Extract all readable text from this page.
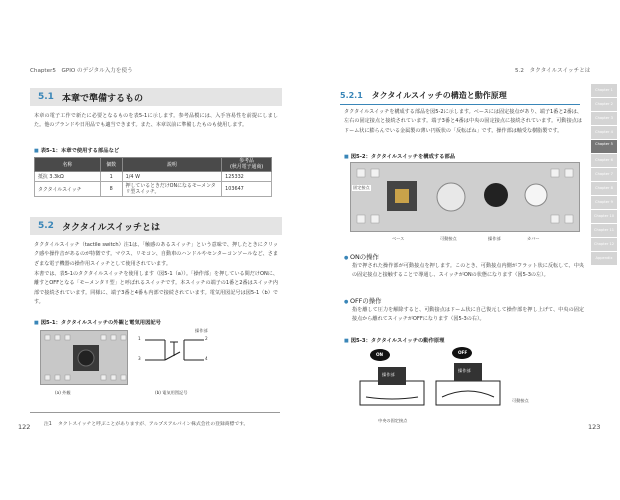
Chapter5　GPIO のデジタル入力を使う
5.1 本章で準備するもの
本章の電子工作で新たに必要となるものを表5-1に示します。参考品模には、入手容易性を前提にしました。他のブランドや日用品でも適当できます。また、本章以前に準備したものも使用します。
■ 表5-1：本章で使用する部品など
名称	個数	説明	参考品
(秋月電子通商)
抵抗 3.3kΩ	1	1/4 W	125332
タクタイルスイッチ	8	押しているときだけONになるモーメンタリ型スイッチ。	103647
5.2 タクタイルスイッチとは
タクタイルスイッチ（tactile switch）注1は、「触感のあるスイッチ」という意味で、押したときにクリック感や操作音があるのが特徴です。マウス、リモコン、自動車のハンドルやセンターコンソールなど、さまざまな電子機器の操作用スイッチとして使用されています。
本書では、表5-1のタクタイルスイッチを使用します（図5-1（a））。「操作部」を押している間だけONに、離すとOFFとなる「モーメンタリ型」と呼ばれるスイッチです。本スイッチの端子の1番と2番はスイッチ内部で接続されています。同様に、端子3番と4番も内部で接続されています。電気用図記号は図5-1（b）です。
■ 図5-1：タクタイルスイッチの外観と電気用図記号
(a) 外観
1	2
3	4
操作部
(b) 電気用図記号
注1 タクトスイッチと呼ぶことがありますが、アルプスアルパイン株式会社の登録商標です。
122
5.2　タクタイルスイッチとは
5.2.1 タクタイルスイッチの構造と動作原理
タクタイルスイッチを構成する部品を図5-2に示します。ベースには固定接点があり、端子1番と2番は、左右の固定接点と接続されています。端子3番と4番は中央の固定接点に接続されています。可動接点はドーム状に膨らんでいる金属製の薄い円板状の「反転ばね」です。操作部は軸受な樹脂製です。
■ 図5-2：タクタイルスイッチを構成する部品
固定接点
ベース	可動接点	操作部	カバー
● ONの操作
指で押された操作部が可動接点を押します。このとき、可動接点内側がフラット状に反転して、中央の固定接点と接触することで導通し、スイッチがONの状態になります（図5-3の左）。
● OFFの操作
指を離して圧力を解除すると、可動接点はドーム状に自己復元して操作部を押し上げて、中央の固定接点から離れてスイッチがOFFになります（図5-3の右）。
■ 図5-3：タクタイルスイッチの動作原理
ON	OFF
操作部
操作部
可動接点
中央の固定接点
123
Chapter 1
Chapter 2
Chapter 3
Chapter 4
Chapter 5
Chapter 6
Chapter 7
Chapter 8
Chapter 9
Chapter 10
Chapter 11
Chapter 12
Appendix
